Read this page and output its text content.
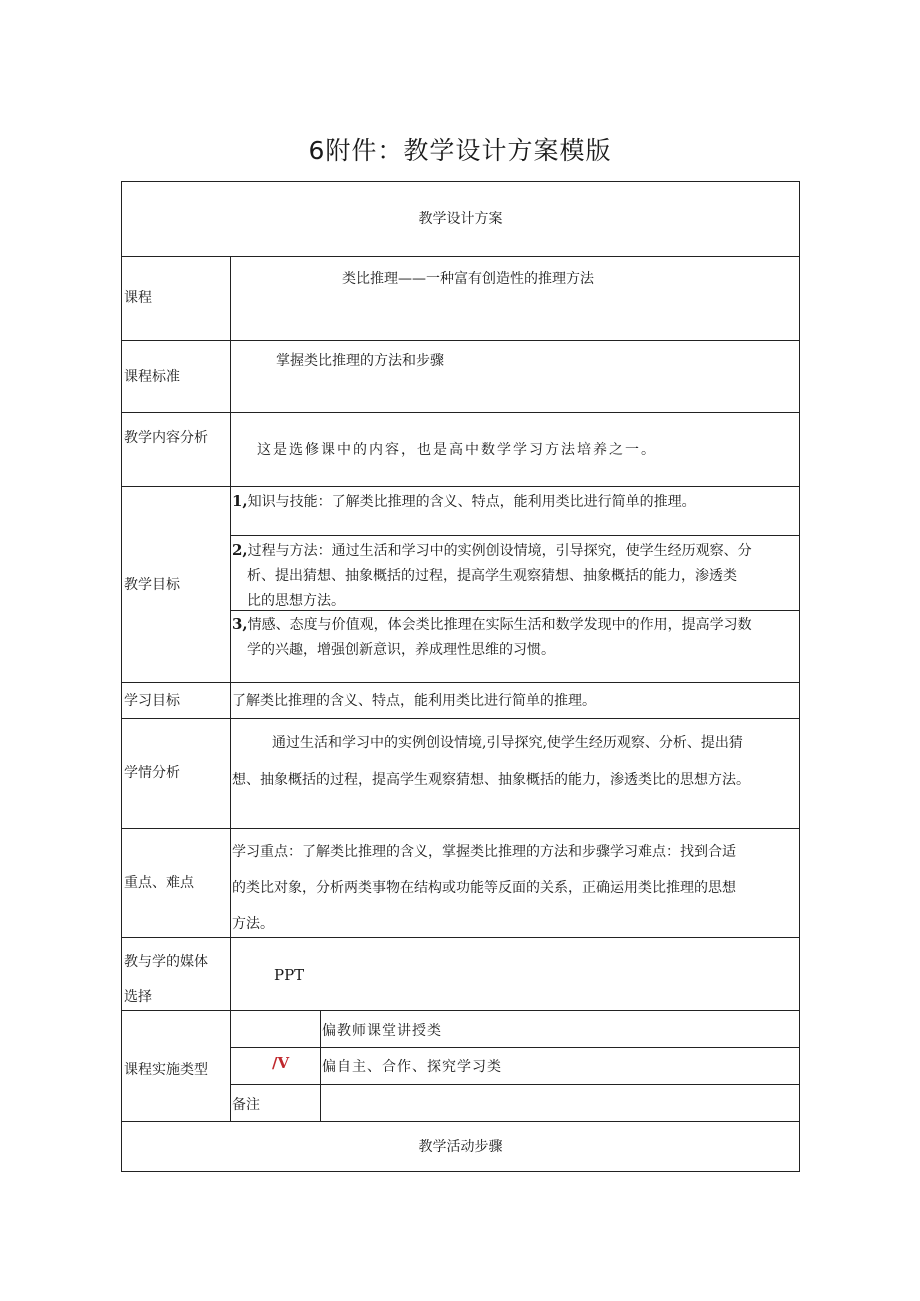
6附件：教学设计方案模版
教学设计方案
课程
类比推理——一种富有创造性的推理方法
课程标准
掌握类比推理的方法和步骤
教学内容分析
这是选修课中的内容，也是高中数学学习方法培养之一。
教学目标
1,知识与技能：了解类比推理的含义、特点，能利用类比进行简单的推理。
2,过程与方法：通过生活和学习中的实例创设情境，引导探究，使学生经历观察、分
析、提出猜想、抽象概括的过程，提高学生观察猜想、抽象概括的能力，渗透类
比的思想方法。
3,情感、态度与价值观，体会类比推理在实际生活和数学发现中的作用，提高学习数
学的兴趣，增强创新意识，养成理性思维的习惯。
学习目标	了解类比推理的含义、特点，能利用类比进行简单的推理。
学情分析
通过生活和学习中的实例创设情境,引导探究,使学生经历观察、分析、提出猜
想、抽象概括的过程，提高学生观察猜想、抽象概括的能力，渗透类比的思想方法。
重点、难点
学习重点：了解类比推理的含义，掌握类比推理的方法和步骤学习难点：找到合适
的类比对象，分析两类事物在结构或功能等反面的关系，正确运用类比推理的思想
方法。
教与学的媒体
选择
PPT
课程实施类型
偏教师课堂讲授类
/V 偏自主、合作、探究学习类
备注
教学活动步骤
